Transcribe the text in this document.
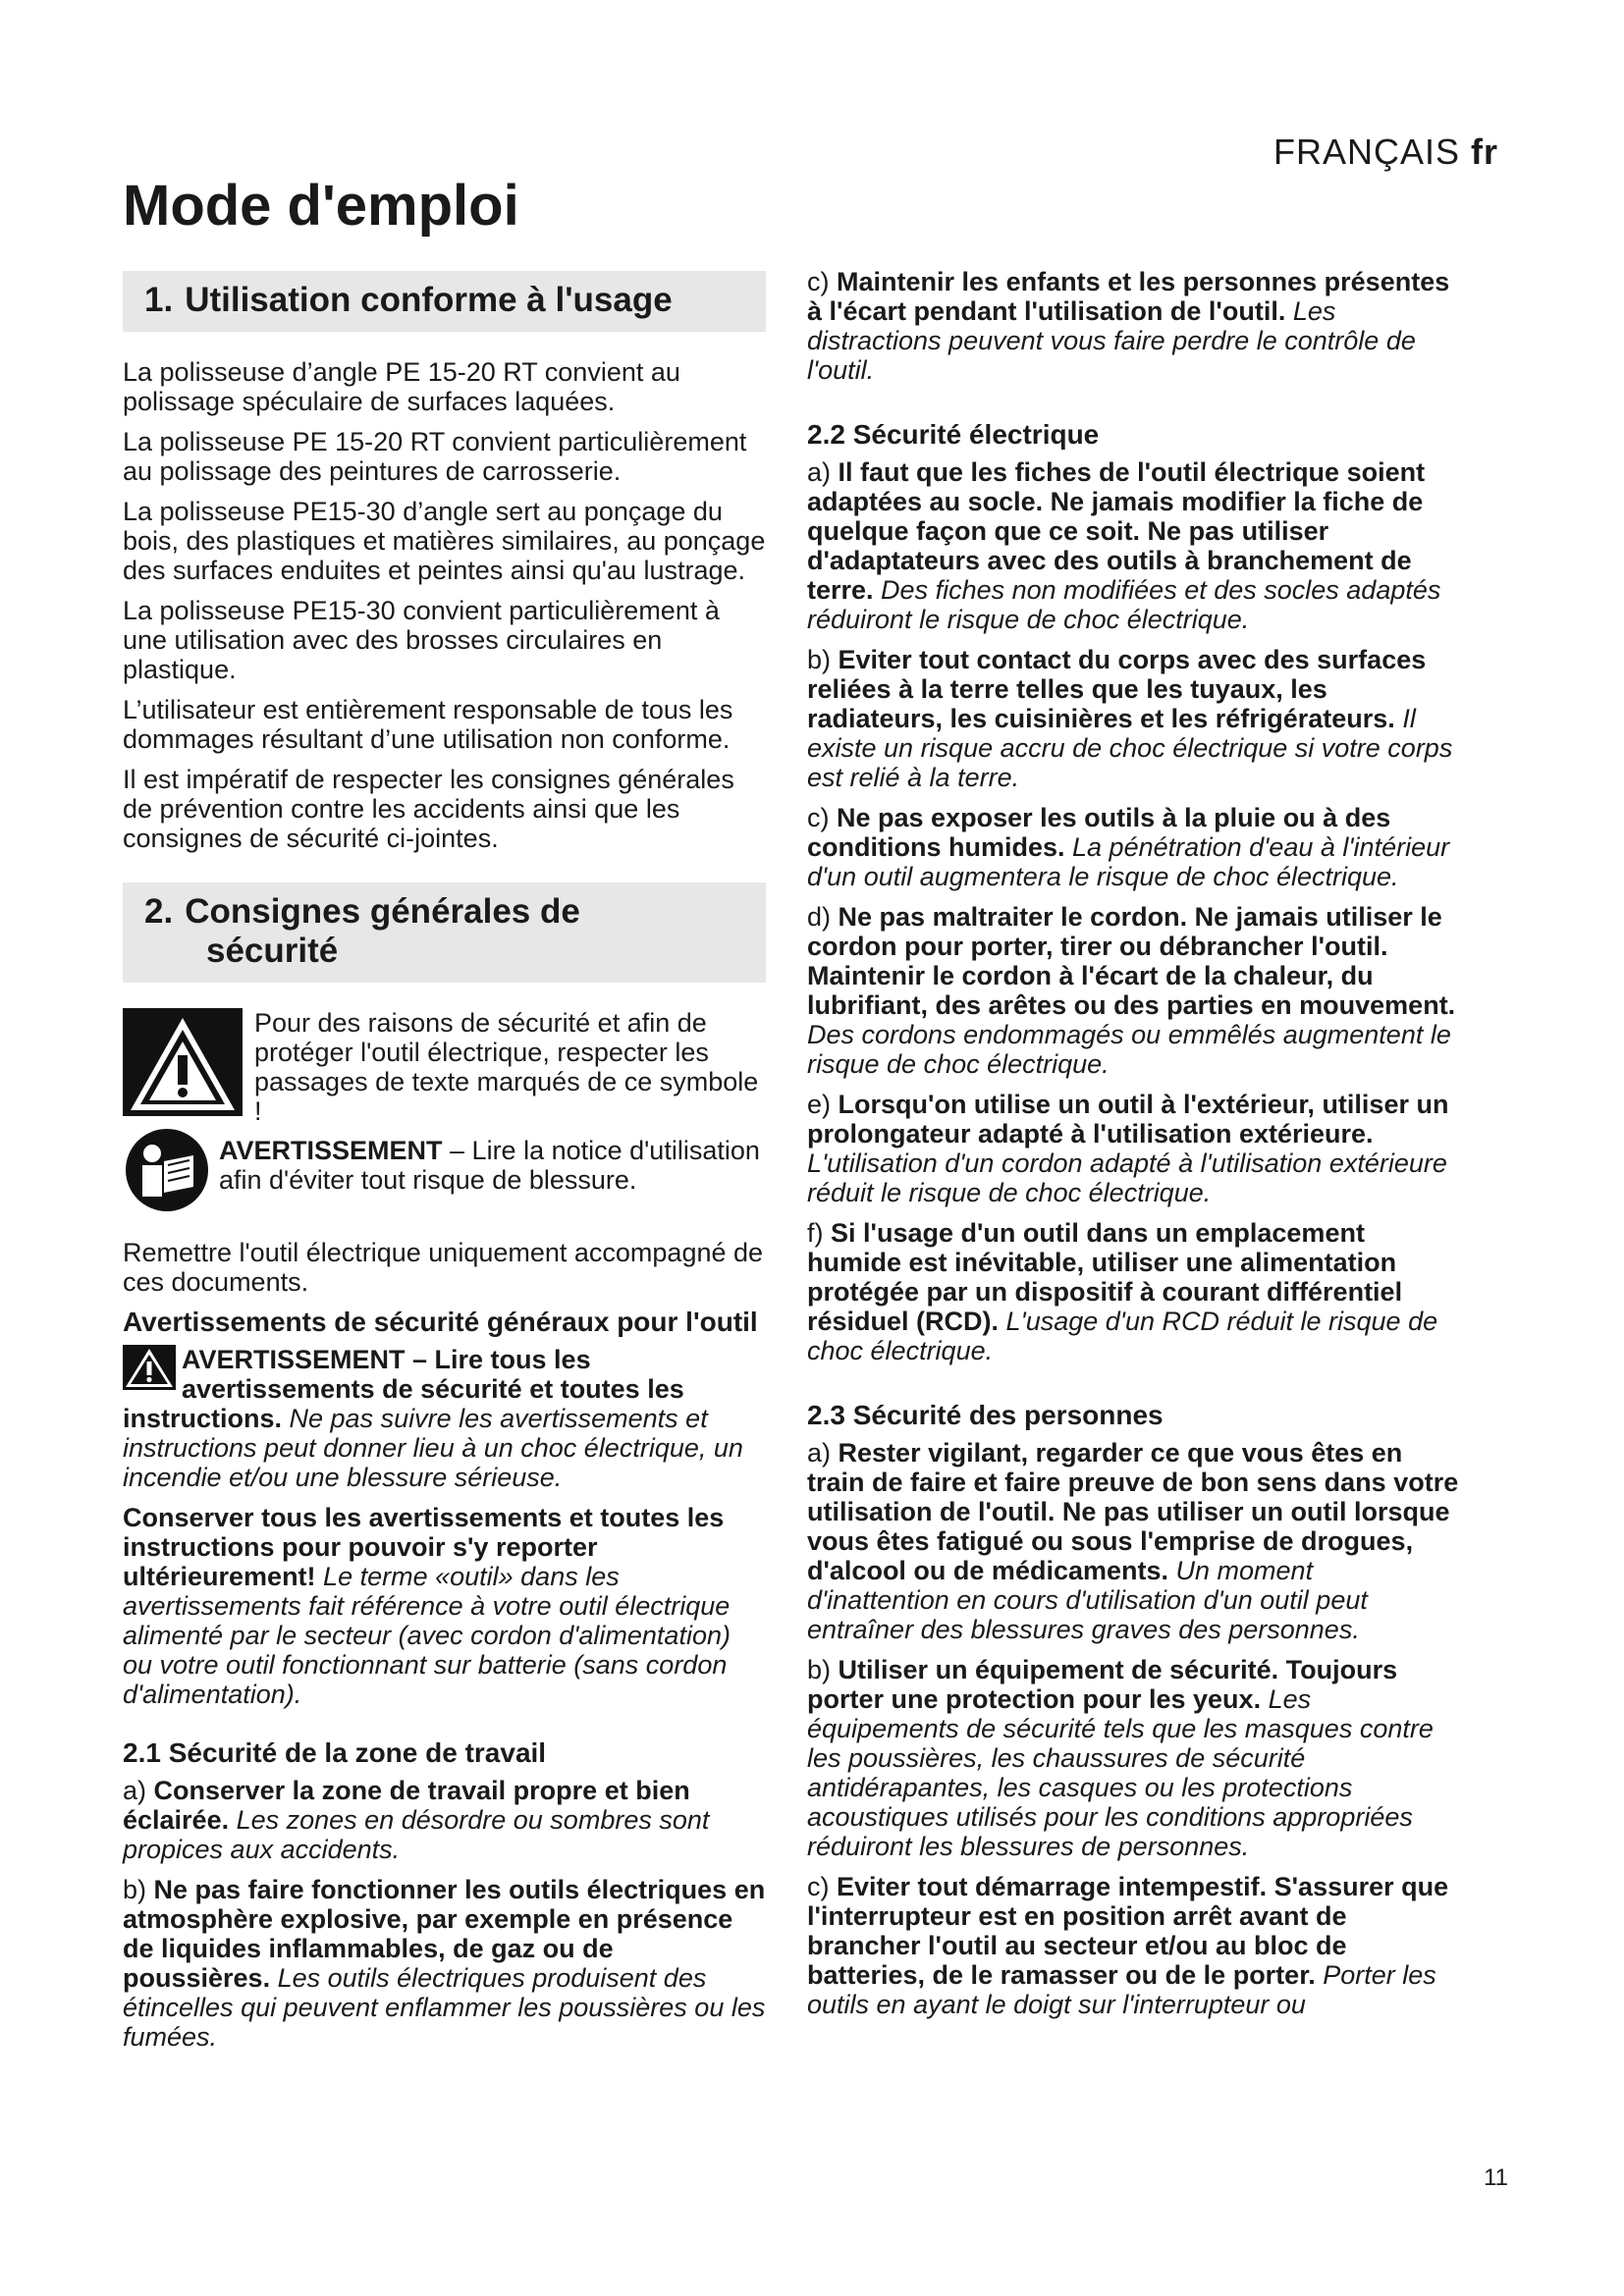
FRANÇAIS fr
Mode d'emploi
1. Utilisation conforme à l'usage

La polisseuse d’angle PE 15-20 RT convient au polissage spéculaire de surfaces laquées.

La polisseuse PE 15-20 RT convient particulièrement au polissage des peintures de carrosserie.

La polisseuse PE15-30 d’angle sert au ponçage du bois, des plastiques et matières similaires, au ponçage des surfaces enduites et peintes ainsi qu'au lustrage.

La polisseuse PE15-30 convient particulièrement à une utilisation avec des brosses circulaires en plastique.

L’utilisateur est entièrement responsable de tous les dommages résultant d’une utilisation non conforme.

Il est impératif de respecter les consignes générales de prévention contre les accidents ainsi que les consignes de sécurité ci-jointes.

2. Consignes générales de
sécurité
Pour des raisons de sécurité et afin de protéger l'outil électrique, respecter les passages de texte marqués de ce symbole !
AVERTISSEMENT – Lire la notice d'utilisation afin d'éviter tout risque de blessure.

Remettre l'outil électrique uniquement accompagné de ces documents.

Avertissements de sécurité généraux pour l'outil

AVERTISSEMENT – Lire tous les avertissements de sécurité et toutes les instructions. Ne pas suivre les avertissements et instructions peut donner lieu à un choc électrique, un incendie et/ou une blessure sérieuse.

Conserver tous les avertissements et toutes les instructions pour pouvoir s'y reporter ultérieurement! Le terme «outil» dans les avertissements fait référence à votre outil électrique alimenté par le secteur (avec cordon d'alimentation) ou votre outil fonctionnant sur batterie (sans cordon d'alimentation).

2.1 Sécurité de la zone de travail

a) Conserver la zone de travail propre et bien éclairée. Les zones en désordre ou sombres sont propices aux accidents.

b) Ne pas faire fonctionner les outils électriques en atmosphère explosive, par exemple en présence de liquides inflammables, de gaz ou de poussières. Les outils électriques produisent des étincelles qui peuvent enflammer les poussières ou les fumées.

c) Maintenir les enfants et les personnes présentes à l'écart pendant l'utilisation de l'outil. Les distractions peuvent vous faire perdre le contrôle de l'outil.

2.2 Sécurité électrique

a) Il faut que les fiches de l'outil électrique soient adaptées au socle. Ne jamais modifier la fiche de quelque façon que ce soit. Ne pas utiliser d'adaptateurs avec des outils à branchement de terre. Des fiches non modifiées et des socles adaptés réduiront le risque de choc électrique.

b) Eviter tout contact du corps avec des surfaces reliées à la terre telles que les tuyaux, les radiateurs, les cuisinières et les réfrigérateurs. Il existe un risque accru de choc électrique si votre corps est relié à la terre.

c) Ne pas exposer les outils à la pluie ou à des conditions humides. La pénétration d'eau à l'intérieur d'un outil augmentera le risque de choc électrique.

d) Ne pas maltraiter le cordon. Ne jamais utiliser le cordon pour porter, tirer ou débrancher l'outil. Maintenir le cordon à l'écart de la chaleur, du lubrifiant, des arêtes ou des parties en mouvement. Des cordons endommagés ou emmêlés augmentent le risque de choc électrique.

e) Lorsqu'on utilise un outil à l'extérieur, utiliser un prolongateur adapté à l'utilisation extérieure. L'utilisation d'un cordon adapté à l'utilisation extérieure réduit le risque de choc électrique.

f) Si l'usage d'un outil dans un emplacement humide est inévitable, utiliser une alimentation protégée par un dispositif à courant différentiel résiduel (RCD). L'usage d'un RCD réduit le risque de choc électrique.

2.3 Sécurité des personnes

a) Rester vigilant, regarder ce que vous êtes en train de faire et faire preuve de bon sens dans votre utilisation de l'outil. Ne pas utiliser un outil lorsque vous êtes fatigué ou sous l'emprise de drogues, d'alcool ou de médicaments. Un moment d'inattention en cours d'utilisation d'un outil peut entraîner des blessures graves des personnes.

b) Utiliser un équipement de sécurité. Toujours porter une protection pour les yeux. Les équipements de sécurité tels que les masques contre les poussières, les chaussures de sécurité antidérapantes, les casques ou les protections acoustiques utilisés pour les conditions appropriées réduiront les blessures de personnes.

c) Eviter tout démarrage intempestif. S'assurer que l'interrupteur est en position arrêt avant de brancher l'outil au secteur et/ou au bloc de batteries, de le ramasser ou de le porter. Porter les outils en ayant le doigt sur l'interrupteur ou

11
